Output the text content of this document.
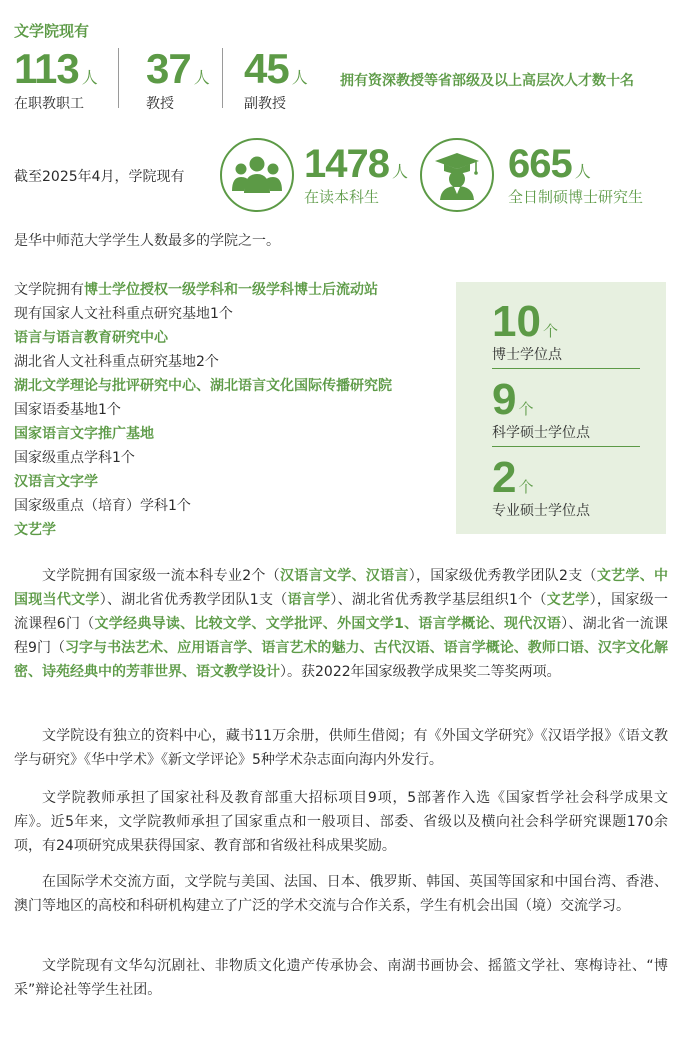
文学院现有
113 人
在职教职工
37 人
教授
45 人
副教授
拥有资深教授等省部级及以上高层次人才数十名
截至2025年4月，学院现有	1478 人
在读本科生
665 人
全日制硕博士研究生
是华中师范大学学生人数最多的学院之一。
文学院拥有博士学位授权一级学科和一级学科博士后流动站
现有国家人文社科重点研究基地1个
语言与语言教育研究中心
湖北省人文社科重点研究基地2个
湖北文学理论与批评研究中心、湖北语言文化国际传播研究院
国家语委基地1个
国家语言文字推广基地
国家级重点学科1个
汉语言文字学
国家级重点（培育）学科1个
文艺学
10 个
博士学位点
9 个
科学硕士学位点
2 个
专业硕士学位点

文学院拥有国家级一流本科专业2个（汉语言文学、汉语言），国家级优秀教学团队2支（文艺学、中国现当代文学）、湖北省优秀教学团队1支（语言学）、湖北省优秀教学基层组织1个（文艺学），国家级一流课程6门（文学经典导读、比较文学、文学批评、外国文学1、语言学概论、现代汉语）、湖北省一流课程9门（习字与书法艺术、应用语言学、语言艺术的魅力、古代汉语、语言学概论、教师口语、汉字文化解密、诗苑经典中的芳菲世界、语文教学设计）。获2022年国家级教学成果奖二等奖两项。

文学院设有独立的资料中心，藏书11万余册，供师生借阅；有《外国文学研究》《汉语学报》《语文教学与研究》《华中学术》《新文学评论》5种学术杂志面向海内外发行。

文学院教师承担了国家社科及教育部重大招标项目9项，5部著作入选《国家哲学社会科学成果文库》。近5年来，文学院教师承担了国家重点和一般项目、部委、省级以及横向社会科学研究课题170余项，有24项研究成果获得国家、教育部和省级社科成果奖励。

在国际学术交流方面，文学院与美国、法国、日本、俄罗斯、韩国、英国等国家和中国台湾、香港、澳门等地区的高校和科研机构建立了广泛的学术交流与合作关系，学生有机会出国（境）交流学习。

文学院现有文华勾沉剧社、非物质文化遗产传承协会、南湖书画协会、摇篮文学社、寒梅诗社、“博采”辩论社等学生社团。
